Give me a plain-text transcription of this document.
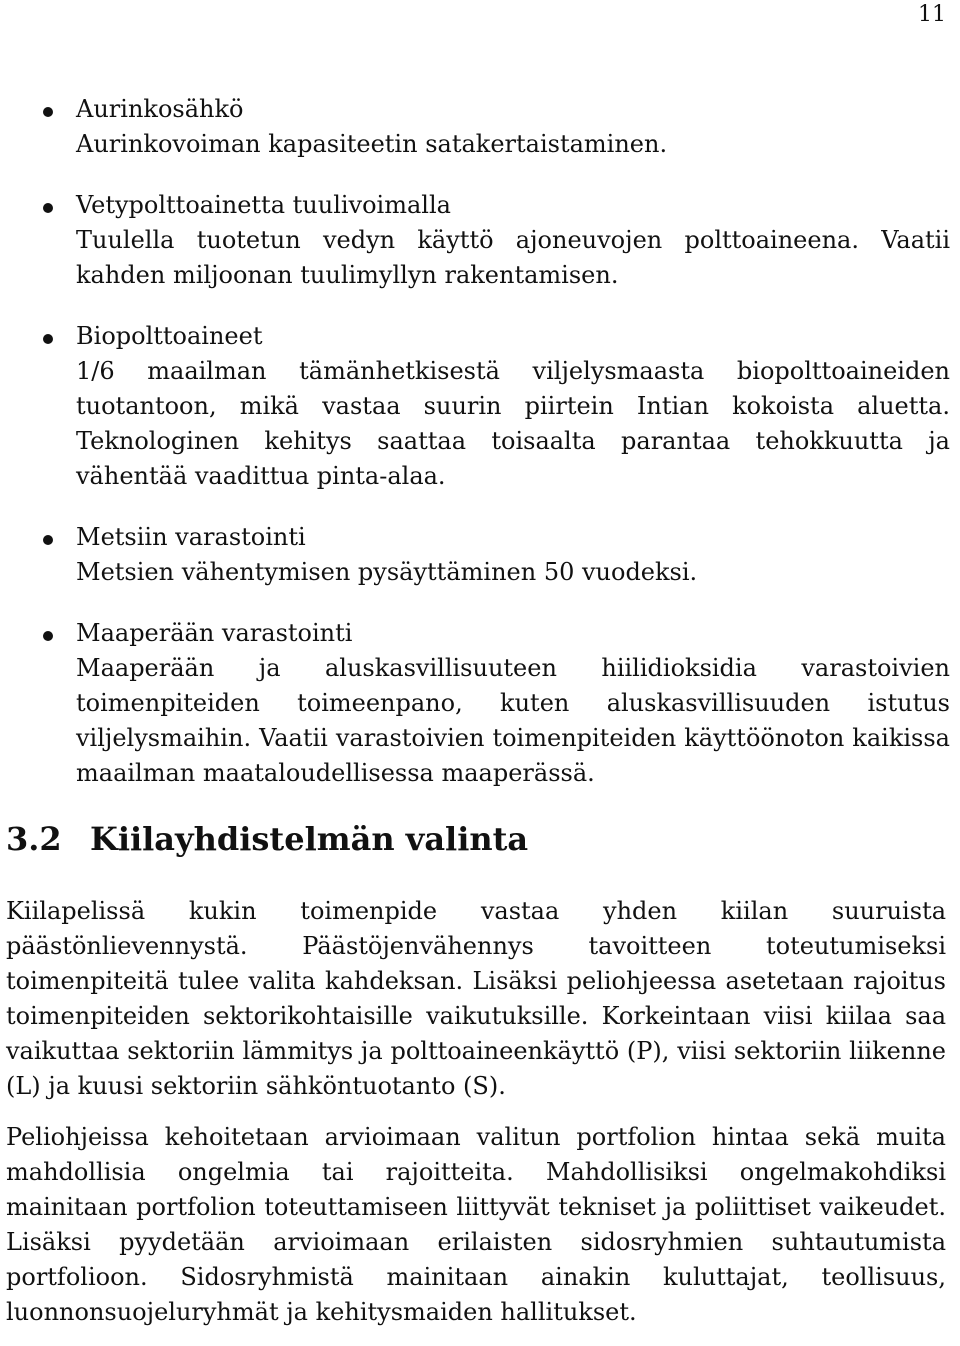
11
Aurinkosähkö
Aurinkovoiman kapasiteetin satakertaistaminen.
Vetypolttoainetta tuulivoimalla
Tuulella tuotetun vedyn käyttö ajoneuvojen polttoaineena. Vaatii kahden miljoonan tuulimyllyn rakentamisen.
Biopolttoaineet
1/6 maailman tämänhetkisestä viljelysmaasta biopolttoaineiden tuotantoon, mikä vastaa suurin piirtein Intian kokoista aluetta. Teknologinen kehitys saattaa toisaalta parantaa tehokkuutta ja vähentää vaadittua pinta-alaa.
Metsiin varastointi
Metsien vähentymisen pysäyttäminen 50 vuodeksi.
Maaperään varastointi
Maaperään ja aluskasvillisuuteen hiilidioksidia varastoivien toimenpiteiden toimeenpano, kuten aluskasvillisuuden istutus viljelysmaihin. Vaatii varastoivien toimenpiteiden käyttöönoton kaikissa maailman maataloudellisessa maaperässä.
3.2 Kiilayhdistelmän valinta

Kiilapelissä kukin toimenpide vastaa yhden kiilan suuruista päästönlievennystä. Päästöjenvähennys tavoitteen toteutumiseksi toimenpiteitä tulee valita kahdeksan. Lisäksi peliohjeessa asetetaan rajoitus toimenpiteiden sektorikohtaisille vaikutuksille. Korkeintaan viisi kiilaa saa vaikuttaa sektoriin lämmitys ja polttoaineenkäyttö (P), viisi sektoriin liikenne (L) ja kuusi sektoriin sähköntuotanto (S).

Peliohjeissa kehoitetaan arvioimaan valitun portfolion hintaa sekä muita mahdollisia ongelmia tai rajoitteita. Mahdollisiksi ongelmakohdiksi mainitaan portfolion toteuttamiseen liittyvät tekniset ja poliittiset vaikeudet. Lisäksi pyydetään arvioimaan erilaisten sidosryhmien suhtautumista portfolioon. Sidosryhmistä mainitaan ainakin kuluttajat, teollisuus, luonnonsuojeluryhmät ja kehitysmaiden hallitukset.
